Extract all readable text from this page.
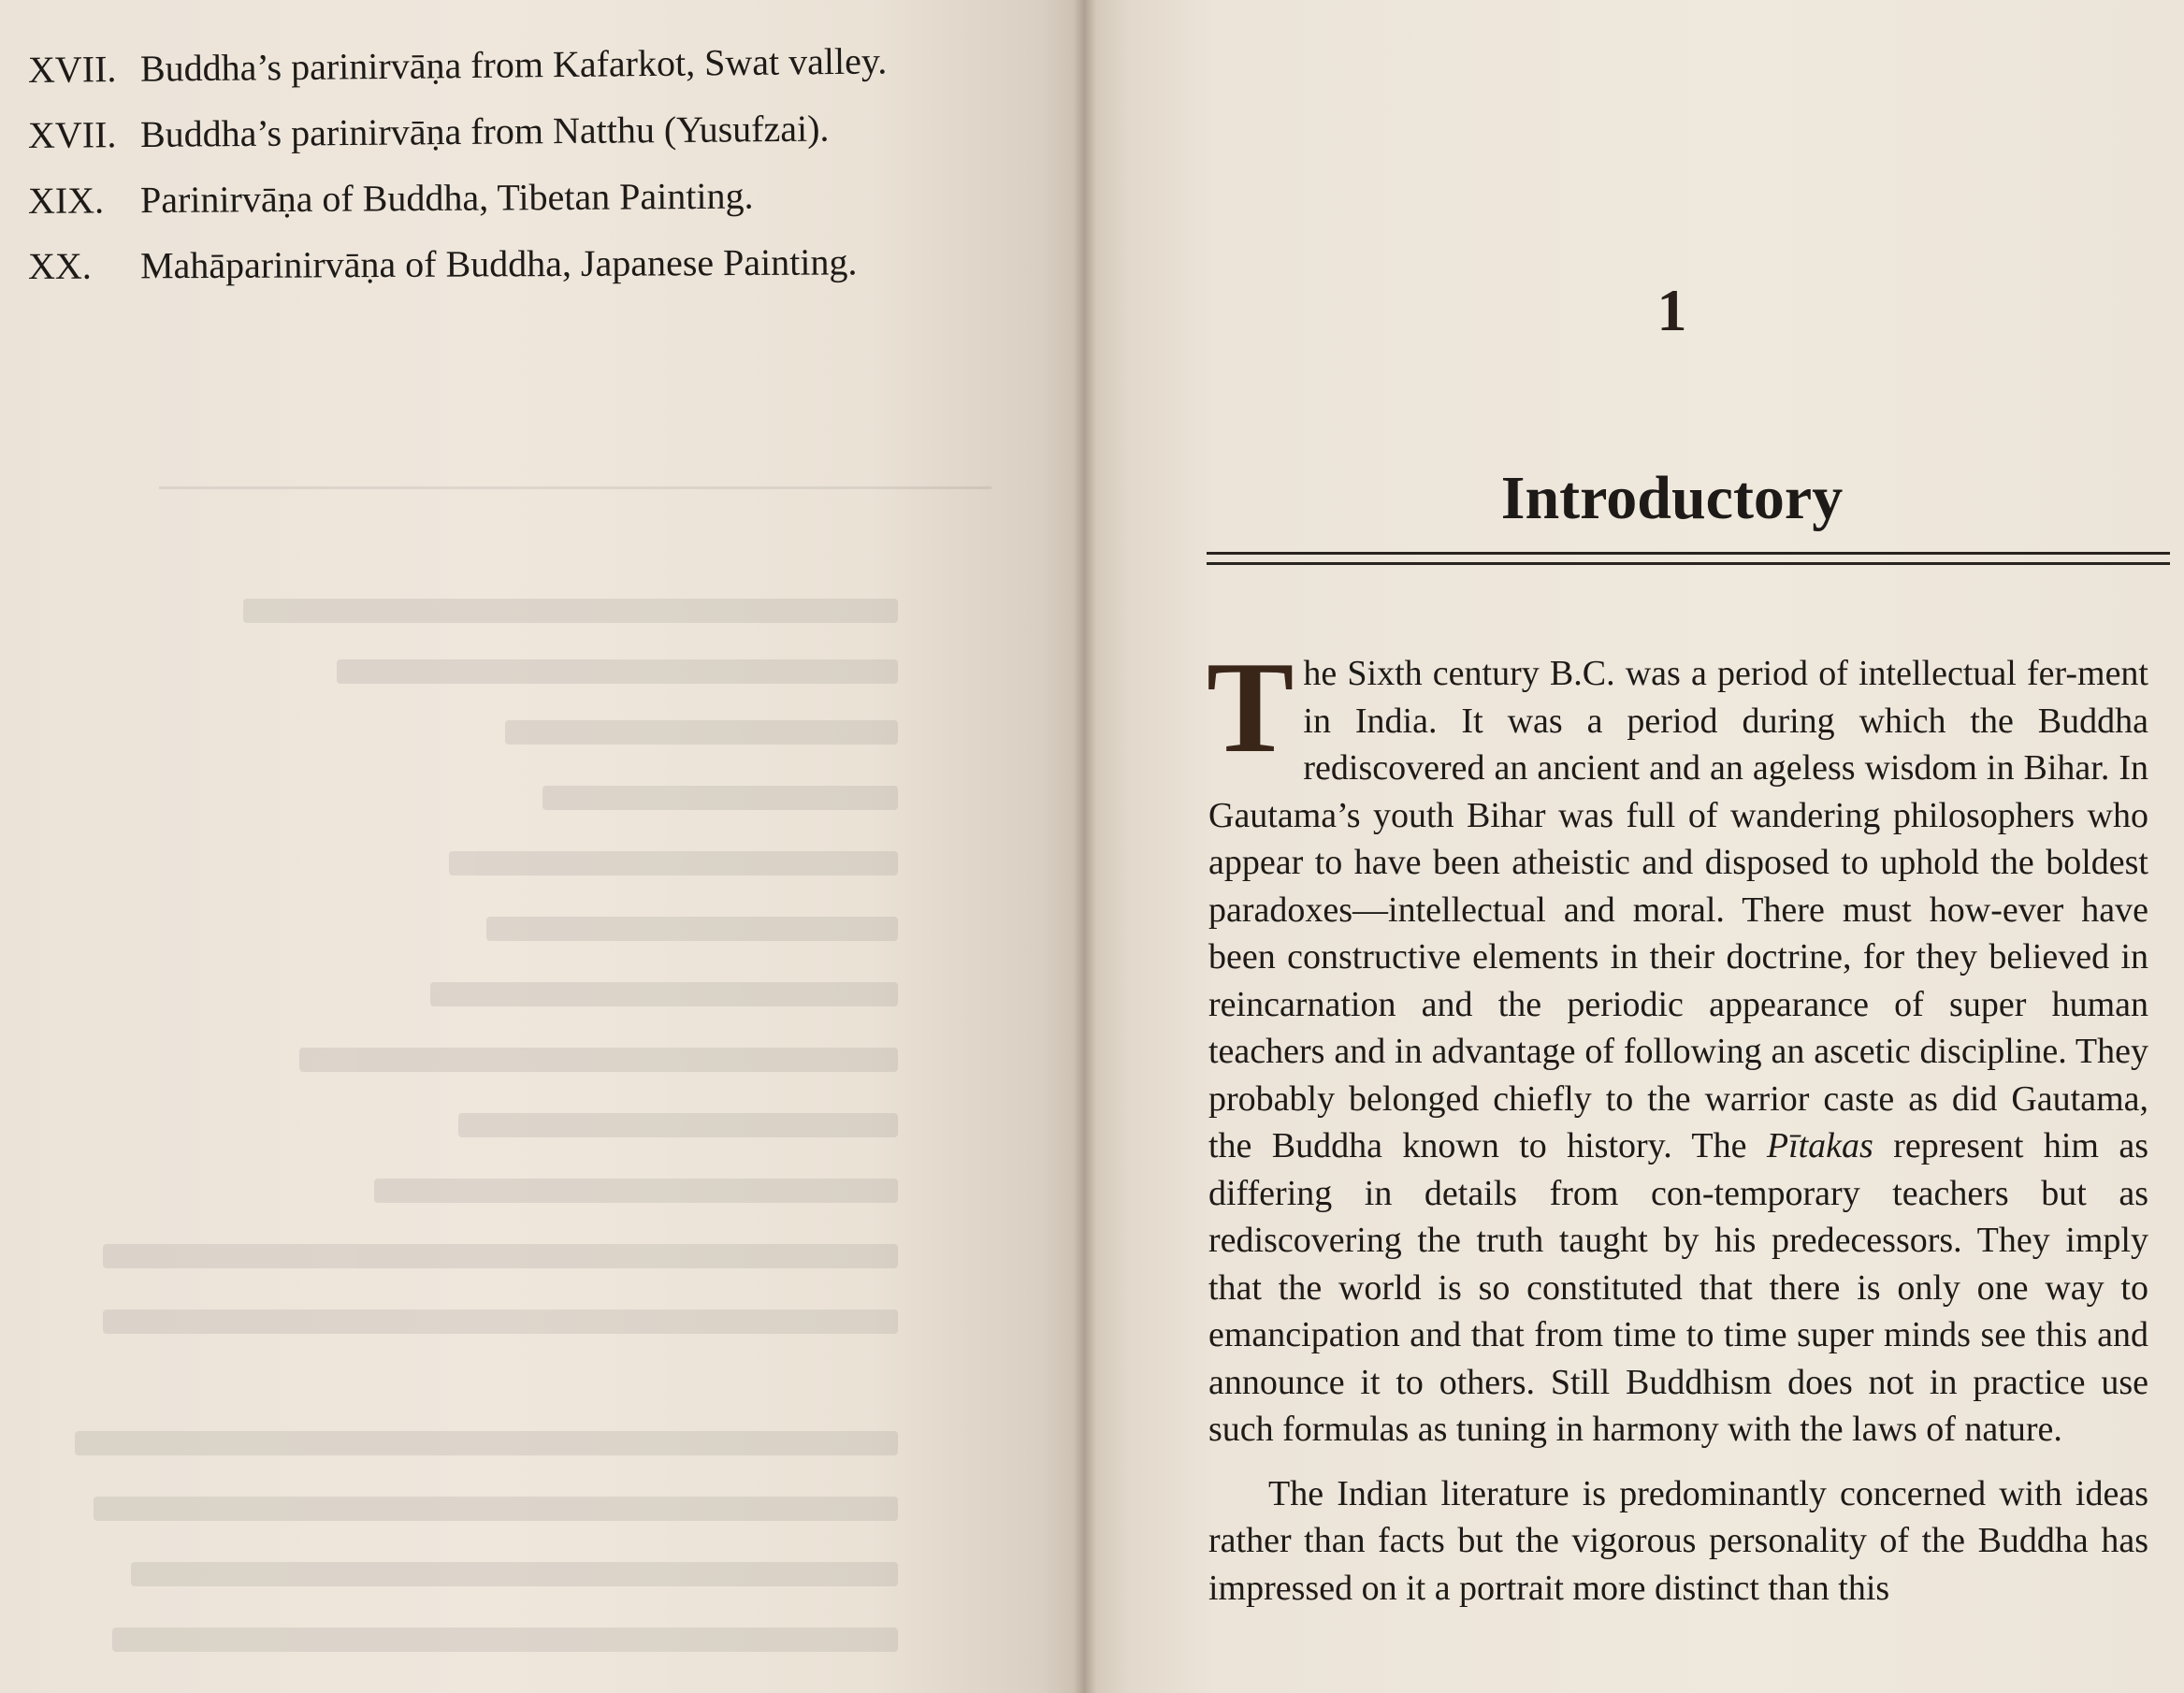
XVII. Buddha’s parinirvāṇa from Kafarkot, Swat valley.
XVII. Buddha’s parinirvāṇa from Natthu (Yusufzai).
XIX. Parinirvāṇa of Buddha, Tibetan Painting.
XX. Mahāparinirvāṇa of Buddha, Japanese Painting.
1
Introductory

The Sixth century B.C. was a period of intellectual fer-ment in India. It was a period during which the Buddha rediscovered an ancient and an ageless wisdom in Bihar. In Gautama’s youth Bihar was full of wandering philosophers who appear to have been atheistic and disposed to uphold the boldest paradoxes—intellectual and moral. There must how-ever have been constructive elements in their doctrine, for they believed in reincarnation and the periodic appearance of super human teachers and in advantage of following an ascetic discipline. They probably belonged chiefly to the warrior caste as did Gautama, the Buddha known to history. The Pītakas represent him as differing in details from con-temporary teachers but as rediscovering the truth taught by his predecessors. They imply that the world is so constituted that there is only one way to emancipation and that from time to time super minds see this and announce it to others. Still Buddhism does not in practice use such formulas as tuning in harmony with the laws of nature.

The Indian literature is predominantly concerned with ideas rather than facts but the vigorous personality of the Buddha has impressed on it a portrait more distinct than this
